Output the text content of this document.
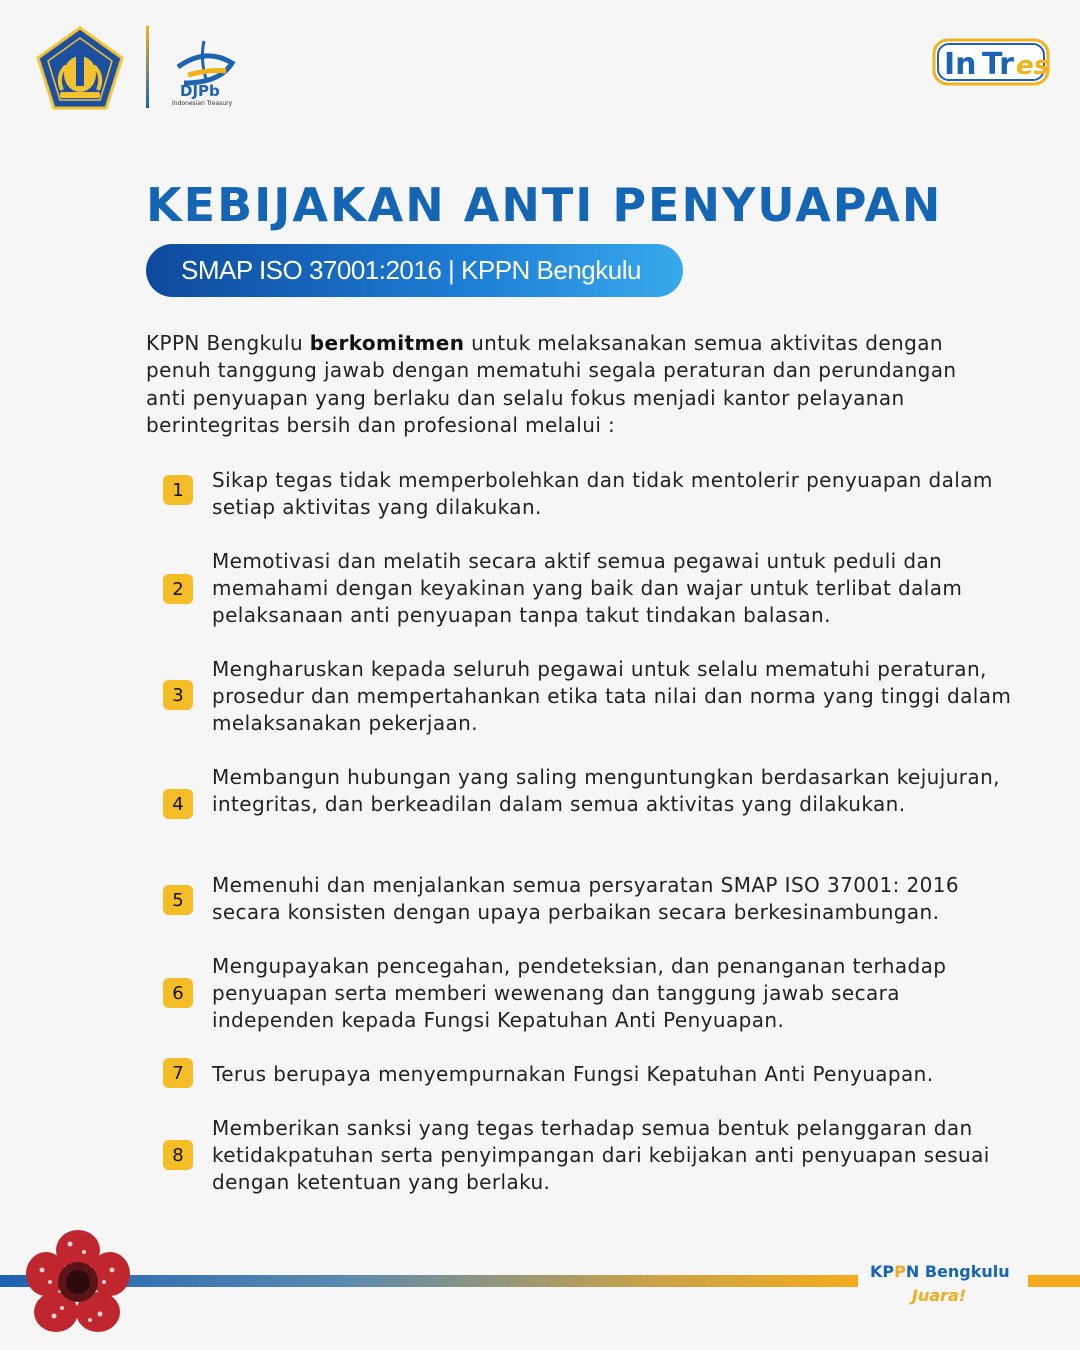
DJPb
Indonesian Treasury
In Tr es
KEBIJAKAN ANTI PENYUAPAN
SMAP ISO 37001:2016 | KPPN Bengkulu
KPPN Bengkulu berkomitmen untuk melaksanakan semua aktivitas dengan penuh tanggung jawab dengan mematuhi segala peraturan dan perundangan anti penyuapan yang berlaku dan selalu fokus menjadi kantor pelayanan berintegritas bersih dan profesional melalui :
1	Sikap tegas tidak memperbolehkan dan tidak mentolerir penyuapan dalam setiap aktivitas yang dilakukan.
2
Memotivasi dan melatih secara aktif semua pegawai untuk peduli dan memahami dengan keyakinan yang baik dan wajar untuk terlibat dalam pelaksanaan anti penyuapan tanpa takut tindakan balasan.
3
Mengharuskan kepada seluruh pegawai untuk selalu mematuhi peraturan, prosedur dan mempertahankan etika tata nilai dan norma yang tinggi dalam melaksanakan pekerjaan.
4
Membangun hubungan yang saling menguntungkan berdasarkan kejujuran, integritas, dan berkeadilan dalam semua aktivitas yang dilakukan.
5
Memenuhi dan menjalankan semua persyaratan SMAP ISO 37001: 2016 secara konsisten dengan upaya perbaikan secara berkesinambungan.
6
Mengupayakan pencegahan, pendeteksian, dan penanganan terhadap penyuapan serta memberi wewenang dan tanggung jawab secara independen kepada Fungsi Kepatuhan Anti Penyuapan.
7	Terus berupaya menyempurnakan Fungsi Kepatuhan Anti Penyuapan.
8
Memberikan sanksi yang tegas terhadap semua bentuk pelanggaran dan ketidakpatuhan serta penyimpangan dari kebijakan anti penyuapan sesuai dengan ketentuan yang berlaku.
KPPN Bengkulu
Juara!
